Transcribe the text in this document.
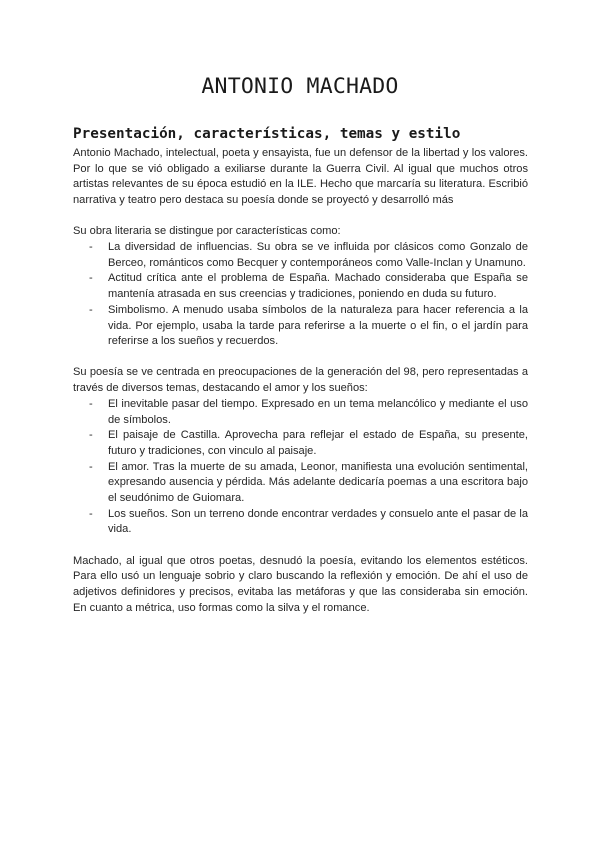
ANTONIO MACHADO
Presentación, características, temas y estilo

Antonio Machado, intelectual, poeta y ensayista, fue un defensor de la libertad y los valores. Por lo que se vió obligado a exiliarse durante la Guerra Civil. Al igual que muchos otros artistas relevantes de su época estudió en la ILE. Hecho que marcaría su literatura. Escribió narrativa y teatro pero destaca su poesía donde se proyectó y desarrolló más

Su obra literaria se distingue por características como:

- La diversidad de influencias. Su obra se ve influida por clásicos como Gonzalo de Berceo, románticos como Becquer y contemporáneos como Valle-Inclan y Unamuno.
- Actitud crítica ante el problema de España. Machado consideraba que España se mantenía atrasada en sus creencias y tradiciones, poniendo en duda su futuro.
- Simbolismo. A menudo usaba símbolos de la naturaleza para hacer referencia a la vida. Por ejemplo, usaba la tarde para referirse a la muerte o el fin, o el jardín para referirse a los sueños y recuerdos.

Su poesía se ve centrada en preocupaciones de la generación del 98, pero representadas a través de diversos temas, destacando el amor y los sueños:

- El inevitable pasar del tiempo. Expresado en un tema melancólico y mediante el uso de símbolos.
- El paisaje de Castilla. Aprovecha para reflejar el estado de España, su presente, futuro y tradiciones, con vinculo al paisaje.
- El amor. Tras la muerte de su amada, Leonor, manifiesta una evolución sentimental, expresando ausencia y pérdida. Más adelante dedicaría poemas a una escritora bajo el seudónimo de Guiomara.
- Los sueños. Son un terreno donde encontrar verdades y consuelo ante el pasar de la vida.

Machado, al igual que otros poetas, desnudó la poesía, evitando los elementos estéticos. Para ello usó un lenguaje sobrio y claro buscando la reflexión y emoción. De ahí el uso de adjetivos definidores y precisos, evitaba las metáforas y que las consideraba sin emoción. En cuanto a métrica, uso formas como la silva y el romance.
